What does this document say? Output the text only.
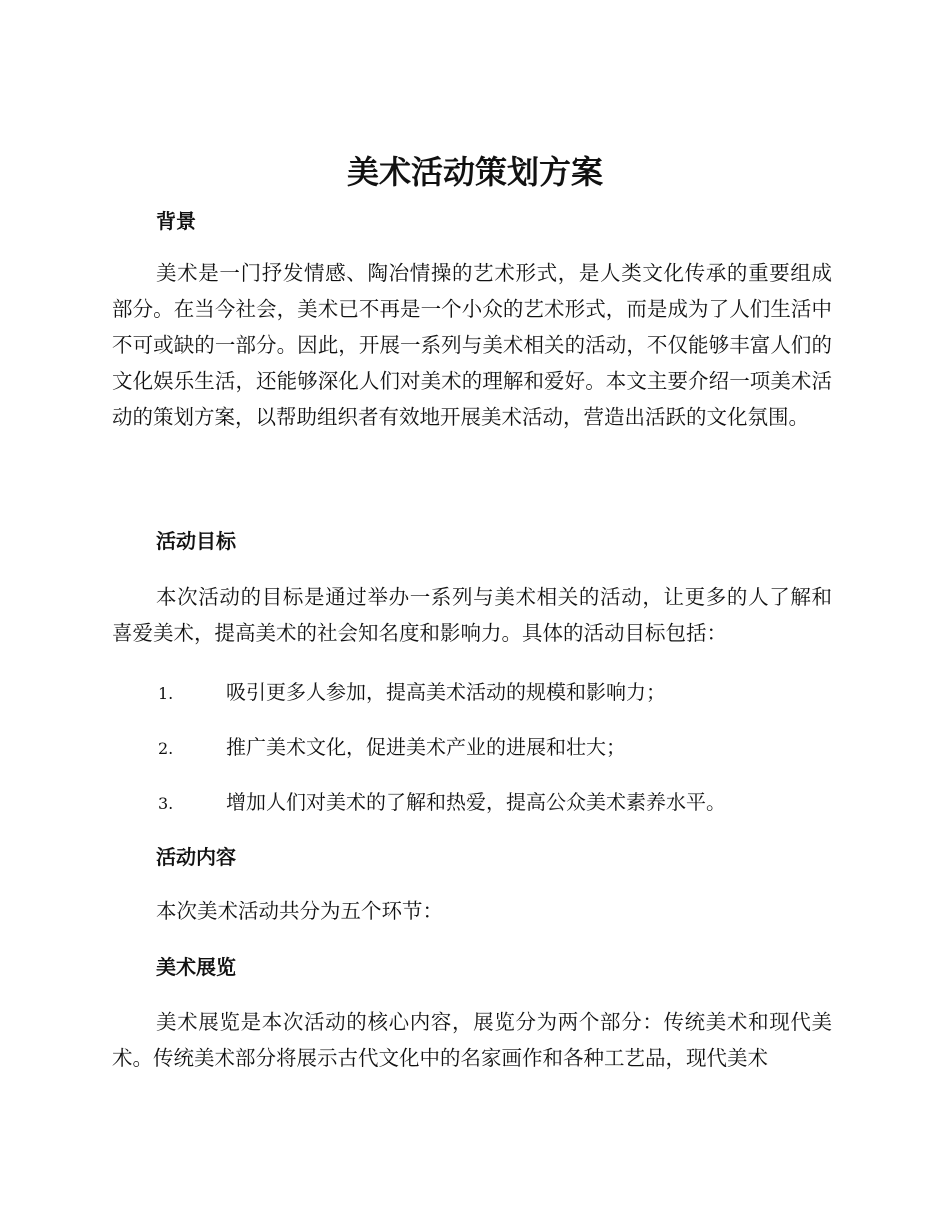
美术活动策划方案
背景

美术是一门抒发情感、陶冶情操的艺术形式，是人类文化传承的重要组成部分。在当今社会，美术已不再是一个小众的艺术形式，而是成为了人们生活中不可或缺的一部分。因此，开展一系列与美术相关的活动，不仅能够丰富人们的文化娱乐生活，还能够深化人们对美术的理解和爱好。本文主要介绍一项美术活动的策划方案，以帮助组织者有效地开展美术活动，营造出活跃的文化氛围。

活动目标

本次活动的目标是通过举办一系列与美术相关的活动，让更多的人了解和喜爱美术，提高美术的社会知名度和影响力。具体的活动目标包括：

1.	吸引更多人参加，提高美术活动的规模和影响力；
2.	推广美术文化，促进美术产业的进展和壮大；
3.	增加人们对美术的了解和热爱，提高公众美术素养水平。
活动内容

本次美术活动共分为五个环节：

美术展览

美术展览是本次活动的核心内容，展览分为两个部分：传统美术和现代美术。传统美术部分将展示古代文化中的名家画作和各种工艺品，现代美术
